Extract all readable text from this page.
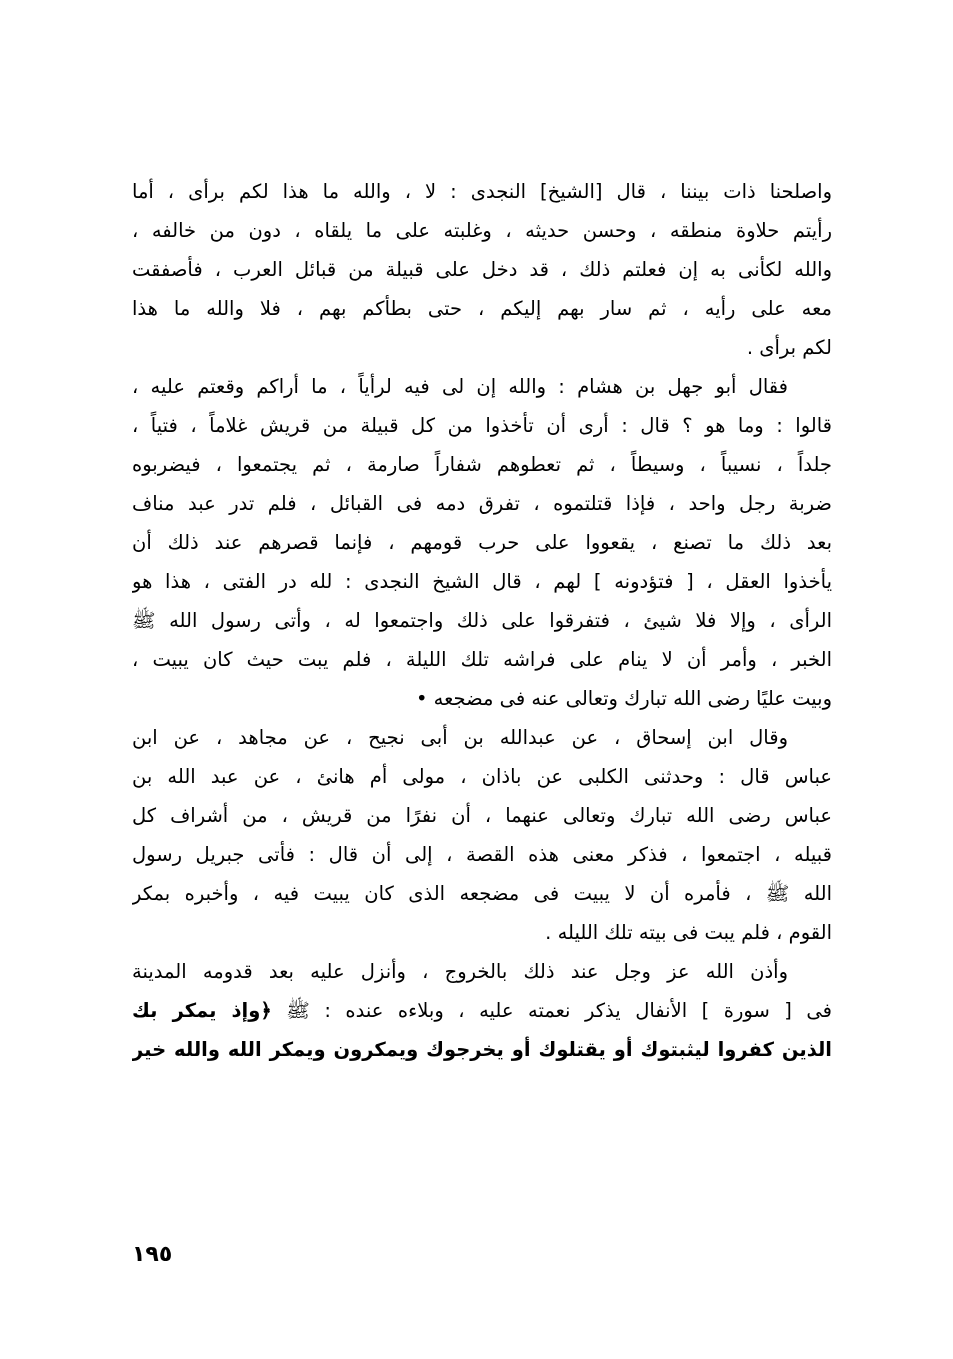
واصلحنا ذات بيننا ، قال [الشيخ] النجدى : لا ، والله ما هذا لكم برأى ، أما
رأيتم حلاوة منطقه ، وحسن حديثه ، وغلبته على ما يلقاه ، دون من خالفه ،
والله لكأنى به إن فعلتم ذلك ، قد دخل على قبيلة من قبائل العرب ، فأصفقت
معه على رأيه ، ثم سار بهم إليكم ، حتى بطأكم بهم ، فلا والله ما هذا
لكم برأى .
فقال أبو جهل بن هشام : والله إن لى فيه لرأياً ، ما أراكم وقعتم عليه ،
قالوا : وما هو ؟ قال : أرى أن تأخذوا من كل قبيلة من قريش غلاماً ، فتياً ،
جلداً ، نسيباً ، وسيطاً ، ثم تعطوهم شفاراً صارمة ، ثم يجتمعوا ، فيضربوه
ضربة رجل واحد ، فإذا قتلتموه ، تفرق دمه فى القبائل ، فلم تدر عبد مناف
بعد ذلك ما تصنع ، يقعووا على حرب قومهم ، فإنما قصرهم عند ذلك أن
يأخذوا العقل ، [ فتؤدونه ] لهم ، قال الشيخ النجدى : لله در الفتى ، هذا هو
الرأى ، وإلا فلا شيئ ، فتفرقوا على ذلك واجتمعوا له ، وأتى رسول الله ﷺ
الخبر ، وأمر أن لا ينام على فراشه تلك الليلة ، فلم يبت حيث كان يبيت ،
وبيت عليًا رضى الله تبارك وتعالى عنه فى مضجعه •
وقال ابن إسحاق ، عن عبدالله بن أبى نجيح ، عن مجاهد ، عن ابن
عباس قال : وحدثنى الكلبى عن باذان ، مولى أم هانئ ، عن عبد الله بن
عباس رضى الله تبارك وتعالى عنهما ، أن نفرًا من قريش ، من أشراف كل
قبيله ، اجتمعوا ، فذكر معنى هذه القصة ، إلى أن قال : فأتى جبريل رسول
الله ﷺ ، فأمره أن لا يبيت فى مضجعه الذى كان يبيت فيه ، وأخبره بمكر
القوم ، فلم يبت فى بيته تلك الليله .
وأذن الله عز وجل عند ذلك بالخروج ، وأنزل عليه بعد قدومه المدينة
فى [ سورة ] الأنفال يذكر نعمته عليه ، وبلاءه عنده : ﷺ ﴿وإذ يمكر بك
الذين كفروا ليثبتوك أو يقتلوك أو يخرجوك ويمكرون ويمكر الله والله خير
١٩٥
